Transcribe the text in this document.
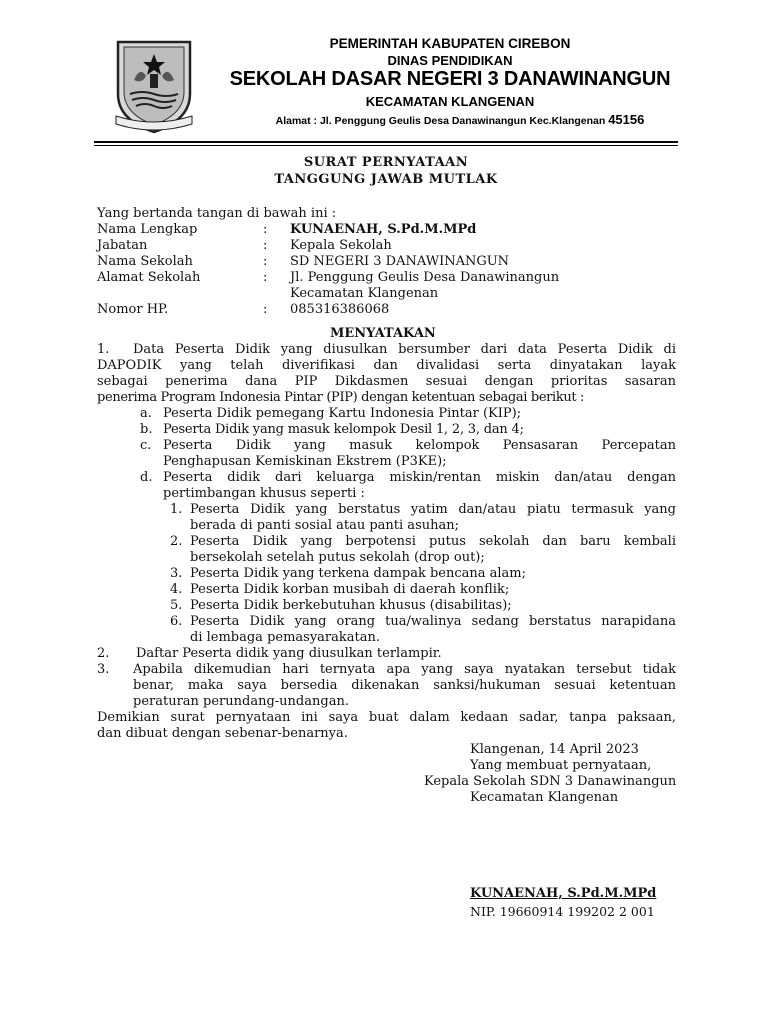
PEMERINTAH KABUPATEN CIREBON
DINAS PENDIDIKAN
SEKOLAH DASAR NEGERI 3 DANAWINANGUN
KECAMATAN KLANGENAN
Alamat : Jl. Penggung Geulis Desa Danawinangun Kec.Klangenan 45156
SURAT PERNYATAAN
TANGGUNG JAWAB MUTLAK
Yang bertanda tangan di bawah ini :
Nama Lengkap	: KUNAENAH, S.Pd.M.MPd
Jabatan	: Kepala Sekolah
Nama Sekolah	: SD NEGERI 3 DANAWINANGUN
Alamat Sekolah	: Jl. Penggung Geulis Desa Danawinangun
Kecamatan Klangenan
Nomor HP.	: 085316386068
MENYATAKAN
1. Data Peserta Didik yang diusulkan bersumber dari data Peserta Didik di
DAPODIK yang telah diverifikasi dan divalidasi serta dinyatakan layak
sebagai penerima dana PIP Dikdasmen sesuai dengan prioritas sasaran
penerima Program Indonesia Pintar (PIP) dengan ketentuan sebagai berikut :
a. Peserta Didik pemegang Kartu Indonesia Pintar (KIP);
b. Peserta Didik yang masuk kelompok Desil 1, 2, 3, dan 4;
c. Peserta Didik yang masuk kelompok Pensasaran Percepatan
Penghapusan Kemiskinan Ekstrem (P3KE);
d. Peserta didik dari keluarga miskin/rentan miskin dan/atau dengan
pertimbangan khusus seperti :
1. Peserta Didik yang berstatus yatim dan/atau piatu termasuk yang
berada di panti sosial atau panti asuhan;
2. Peserta Didik yang berpotensi putus sekolah dan baru kembali
bersekolah setelah putus sekolah (drop out);
3. Peserta Didik yang terkena dampak bencana alam;
4. Peserta Didik korban musibah di daerah konflik;
5. Peserta Didik berkebutuhan khusus (disabilitas);
6. Peserta Didik yang orang tua/walinya sedang berstatus narapidana
di lembaga pemasyarakatan.
2. Daftar Peserta didik yang diusulkan terlampir.
3. Apabila dikemudian hari ternyata apa yang saya nyatakan tersebut tidak
benar, maka saya bersedia dikenakan sanksi/hukuman sesuai ketentuan
peraturan perundang-undangan.
Demikian surat pernyataan ini saya buat dalam kedaan sadar, tanpa paksaan,
dan dibuat dengan sebenar-benarnya.
Klangenan, 14 April 2023
Yang membuat pernyataan,
Kepala Sekolah SDN 3 Danawinangun
Kecamatan Klangenan
KUNAENAH, S.Pd.M.MPd
NIP. 19660914 199202 2 001
